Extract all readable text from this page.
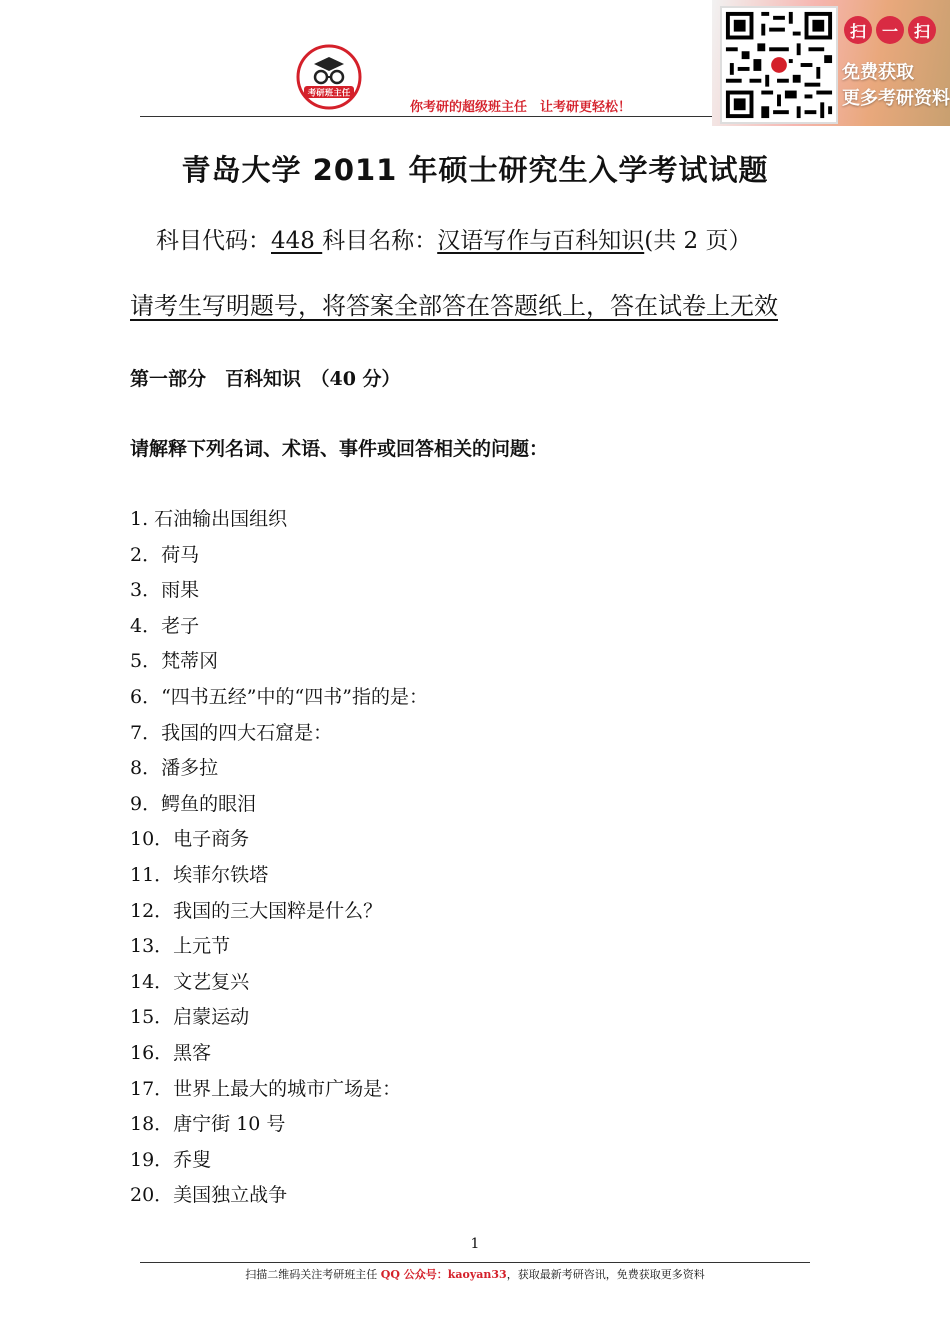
考研班主任
你考研的超级班主任　让考研更轻松！
扫 一 扫
免费获取
更多考研资料
青岛大学 2011 年硕士研究生入学考试试题
科目代码：448 科目名称：汉语写作与百科知识(共 2 页）
请考生写明题号，将答案全部答在答题纸上，答在试卷上无效
第一部分　百科知识　（40 分）
请解释下列名词、术语、事件或回答相关的问题：
1. 石油输出国组织
2．荷马
3．雨果
4．老子
5．梵蒂冈
6．“四书五经”中的“四书”指的是：
7．我国的四大石窟是：
8．潘多拉
9．鳄鱼的眼泪
10．电子商务
11．埃菲尔铁塔
12．我国的三大国粹是什么？
13．上元节
14．文艺复兴
15．启蒙运动
16．黑客
17．世界上最大的城市广场是：
18．唐宁街 10 号
19．乔叟
20．美国独立战争
1
扫描二维码关注考研班主任 QQ 公众号：kaoyan33，获取最新考研咨讯，免费获取更多资料
